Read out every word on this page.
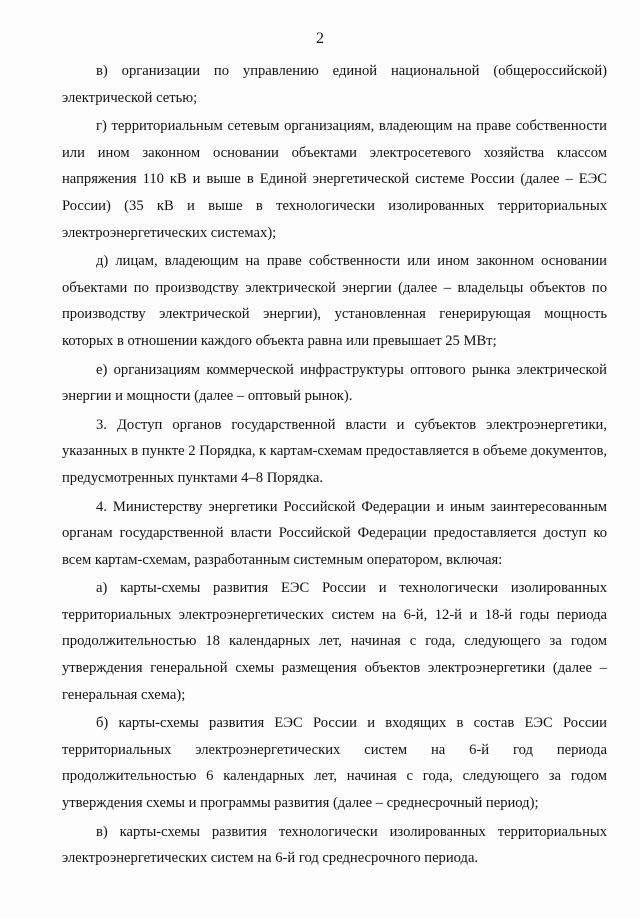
2

в) организации по управлению единой национальной (общероссийской) электрической сетью;

г) территориальным сетевым организациям, владеющим на праве собственности или ином законном основании объектами электросетевого хозяйства классом напряжения 110 кВ и выше в Единой энергетической системе России (далее – ЕЭС России) (35 кВ и выше в технологически изолированных территориальных электроэнергетических системах);

д) лицам, владеющим на праве собственности или ином законном основании объектами по производству электрической энергии (далее – владельцы объектов по производству электрической энергии), установленная генерирующая мощность которых в отношении каждого объекта равна или превышает 25 МВт;

е) организациям коммерческой инфраструктуры оптового рынка электрической энергии и мощности (далее – оптовый рынок).

3. Доступ органов государственной власти и субъектов электроэнергетики, указанных в пункте 2 Порядка, к картам-схемам предоставляется в объеме документов, предусмотренных пунктами 4–8 Порядка.

4. Министерству энергетики Российской Федерации и иным заинтересованным органам государственной власти Российской Федерации предоставляется доступ ко всем картам-схемам, разработанным системным оператором, включая:

а) карты-схемы развития ЕЭС России и технологически изолированных территориальных электроэнергетических систем на 6-й, 12-й и 18-й годы периода продолжительностью 18 календарных лет, начиная с года, следующего за годом утверждения генеральной схемы размещения объектов электроэнергетики (далее – генеральная схема);

б) карты-схемы развития ЕЭС России и входящих в состав ЕЭС России территориальных электроэнергетических систем на 6-й год периода продолжительностью 6 календарных лет, начиная с года, следующего за годом утверждения схемы и программы развития (далее – среднесрочный период);

в) карты-схемы развития технологически изолированных территориальных электроэнергетических систем на 6-й год среднесрочного периода.
